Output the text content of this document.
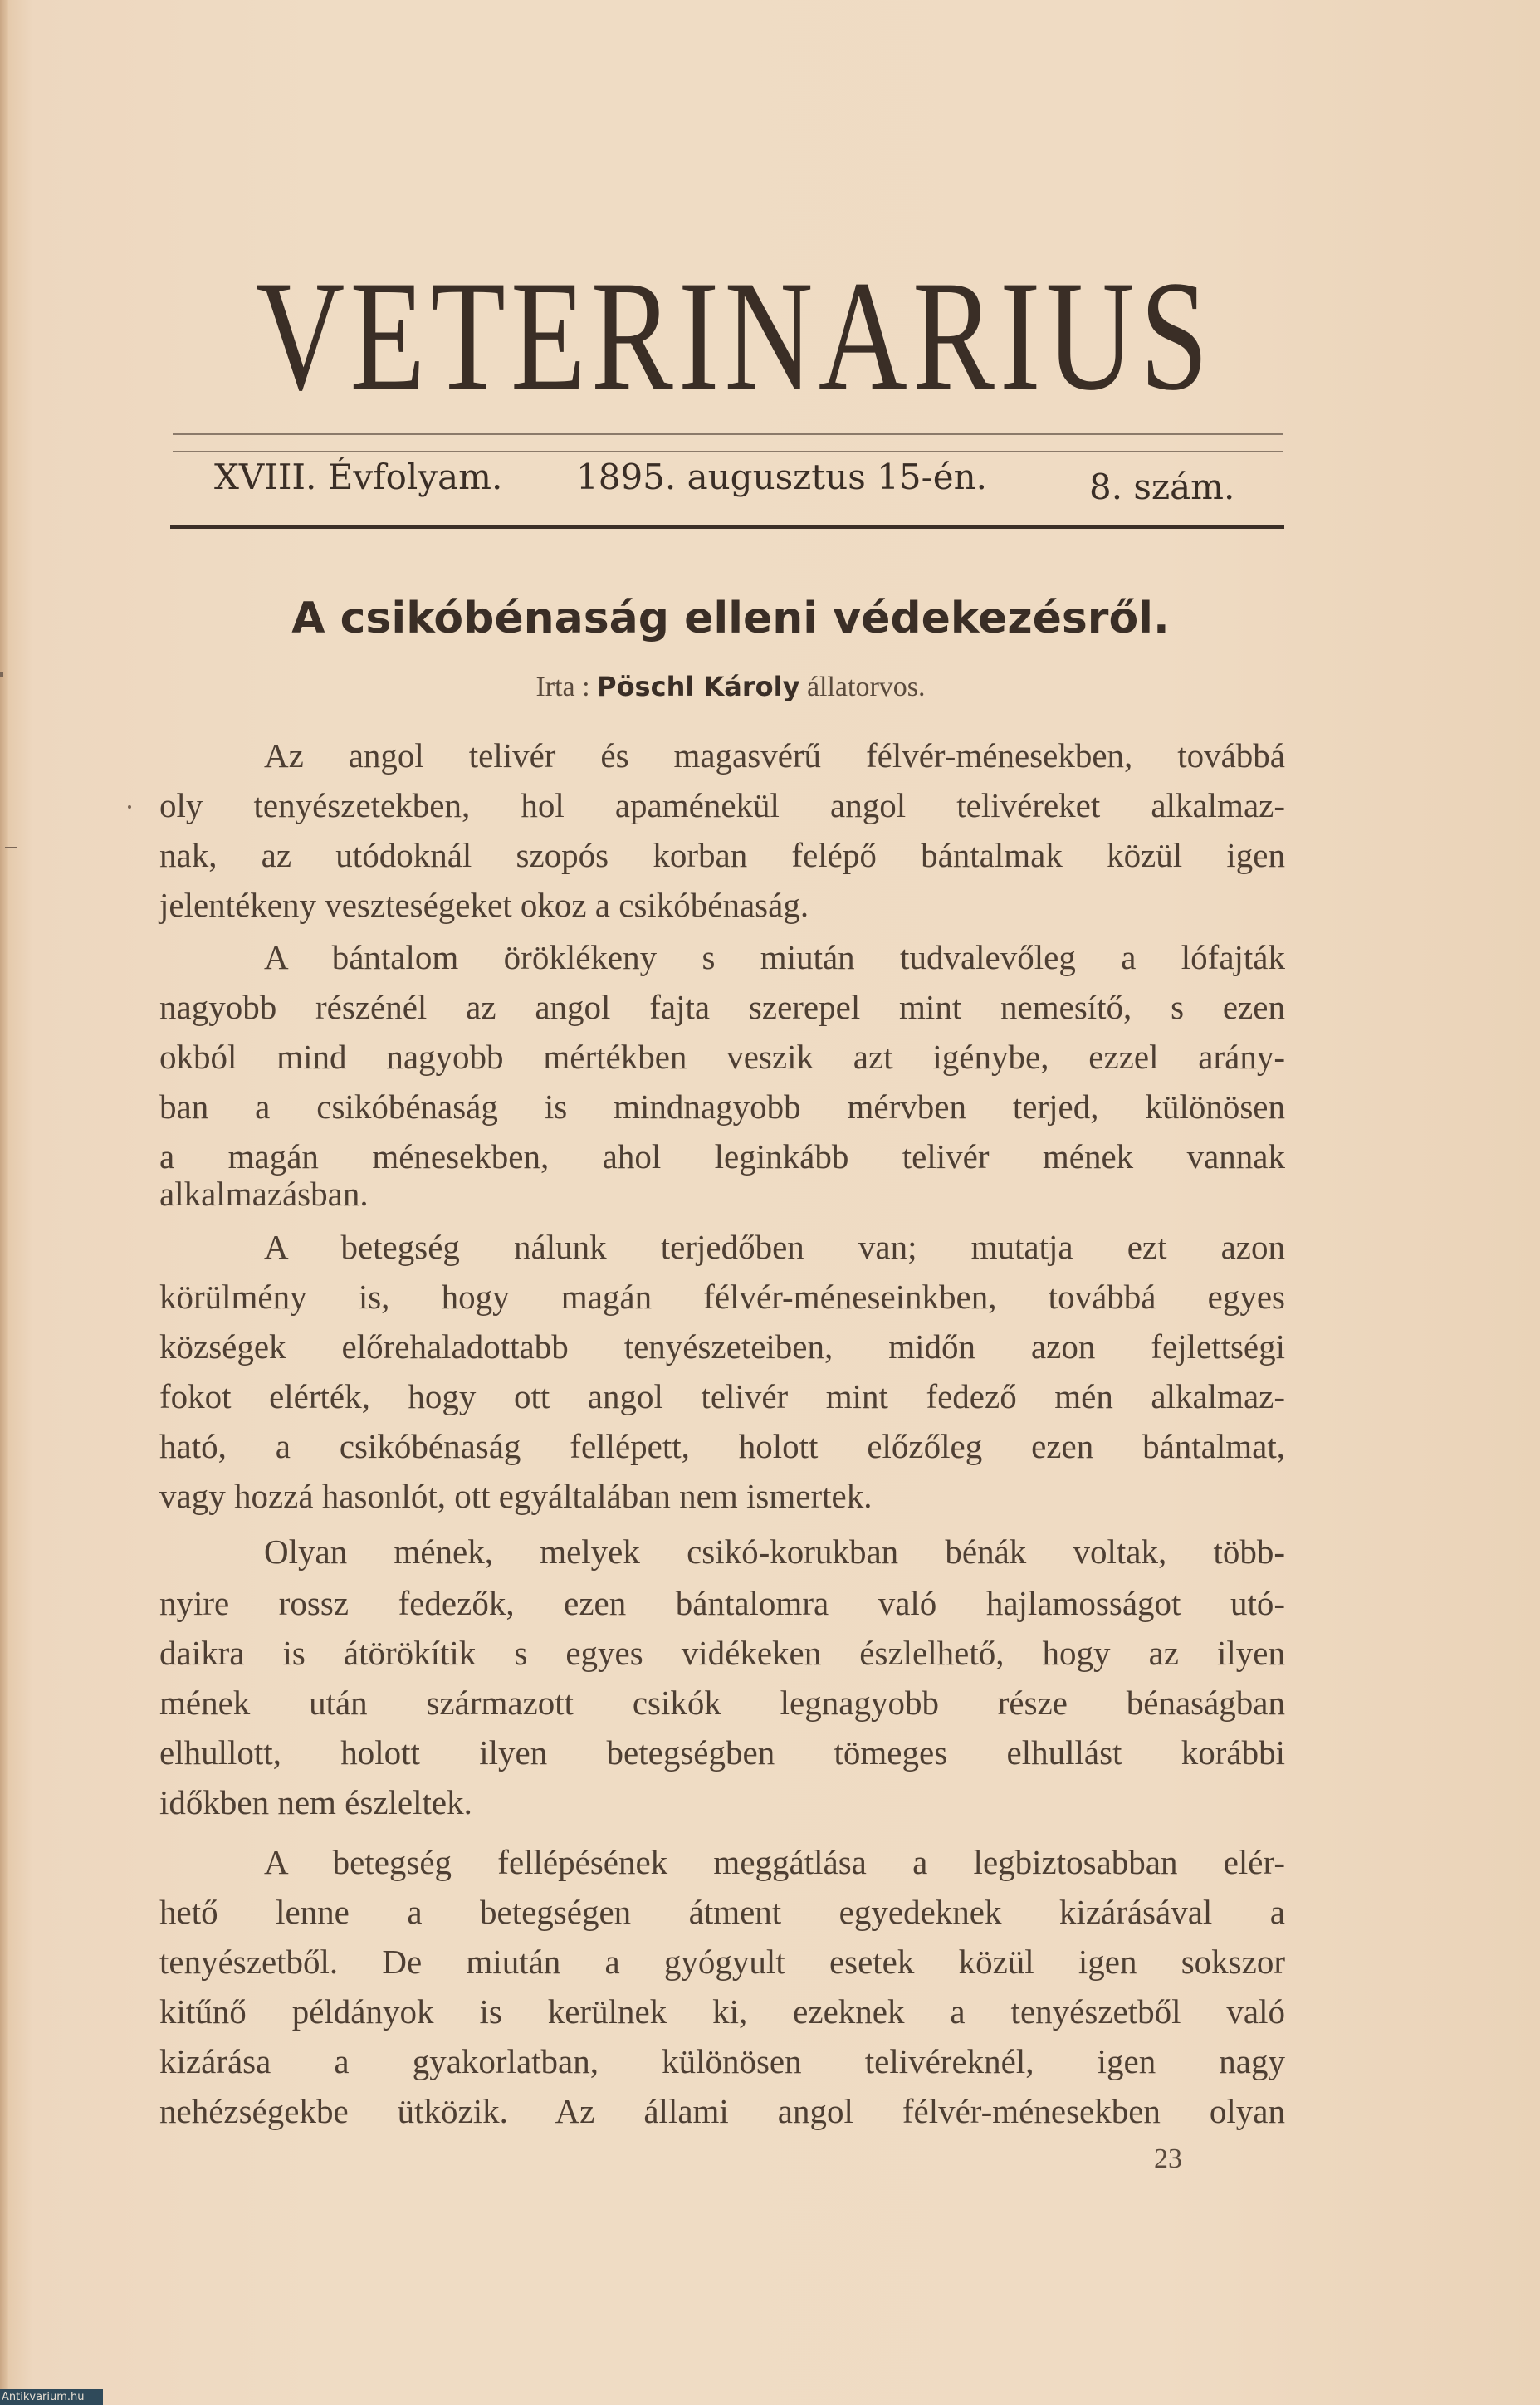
VETERINARIUS
XVIII. Évfolyam. 1895. augusztus 15-én.	8. szám.
A csikóbénaság elleni védekezésről.
Irta : Pöschl Károly állatorvos.
Az angol telivér és magasvérű félvér-ménesekben, továbbá
oly tenyészetekben, hol apaménekül angol telivéreket alkalmaz-
nak, az utódoknál szopós korban felépő bántalmak közül igen
jelentékeny veszteségeket okoz a csikóbénaság.
A bántalom öröklékeny s miután tudvalevőleg a lófajták
nagyobb részénél az angol fajta szerepel mint nemesítő, s ezen
okból mind nagyobb mértékben veszik azt igénybe, ezzel arány-
ban a csikóbénaság is mindnagyobb mérvben terjed, különösen
a magán ménesekben, ahol leginkább telivér mének vannak
alkalmazásban.
A betegség nálunk terjedőben van; mutatja ezt azon
körülmény is, hogy magán félvér-méneseinkben, továbbá egyes
községek előrehaladottabb tenyészeteiben, midőn azon fejlettségi
fokot elérték, hogy ott angol telivér mint fedező mén alkalmaz-
ható, a csikóbénaság fellépett, holott előzőleg ezen bántalmat,
vagy hozzá hasonlót, ott egyáltalában nem ismertek.
Olyan mének, melyek csikó-korukban bénák voltak, több-
nyire rossz fedezők, ezen bántalomra való hajlamosságot utó-
daikra is átörökítik s egyes vidékeken észlelhető, hogy az ilyen
mének után származott csikók legnagyobb része bénaságban
elhullott, holott ilyen betegségben tömeges elhullást korábbi
időkben nem észleltek.
A betegség fellépésének meggátlása a legbiztosabban elér-
hető lenne a betegségen átment egyedeknek kizárásával a
tenyészetből. De miután a gyógyult esetek közül igen sokszor
kitűnő példányok is kerülnek ki, ezeknek a tenyészetből való
kizárása a gyakorlatban, különösen telivéreknél, igen nagy
nehézségekbe ütközik. Az állami angol félvér-ménesekben olyan
23
Antikvarium.hu
